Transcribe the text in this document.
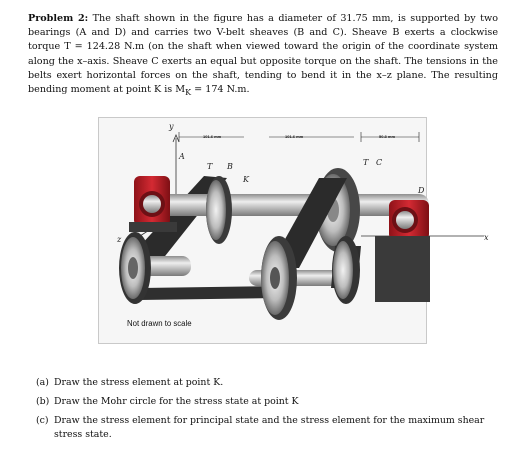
Problem 2: The shaft shown in the figure has a diameter of 31.75 mm, is supported by two bearings (A and D) and carries two V-belt sheaves (B and C). Sheave B exerts a clockwise torque T = 124.28 N.m (on the shaft when viewed toward the origin of the coordinate system along the x–axis. Sheave C exerts an equal but opposite torque on the shaft. The tensions in the belts exert horizontal forces on the shaft, tending to bend it in the x–z plane. The resulting bending moment at point K is $M_K = 174$ N.m.
y
z	x
A
T B
K
T C
D
101.6 mm	101.6 mm	50.8 mm
Not drawn to scale
(a) Draw the stress element at point K.
(b) Draw the Mohr circle for the stress state at point K
(c) Draw the stress element for principal state and the stress element for the maximum shear stress state.
